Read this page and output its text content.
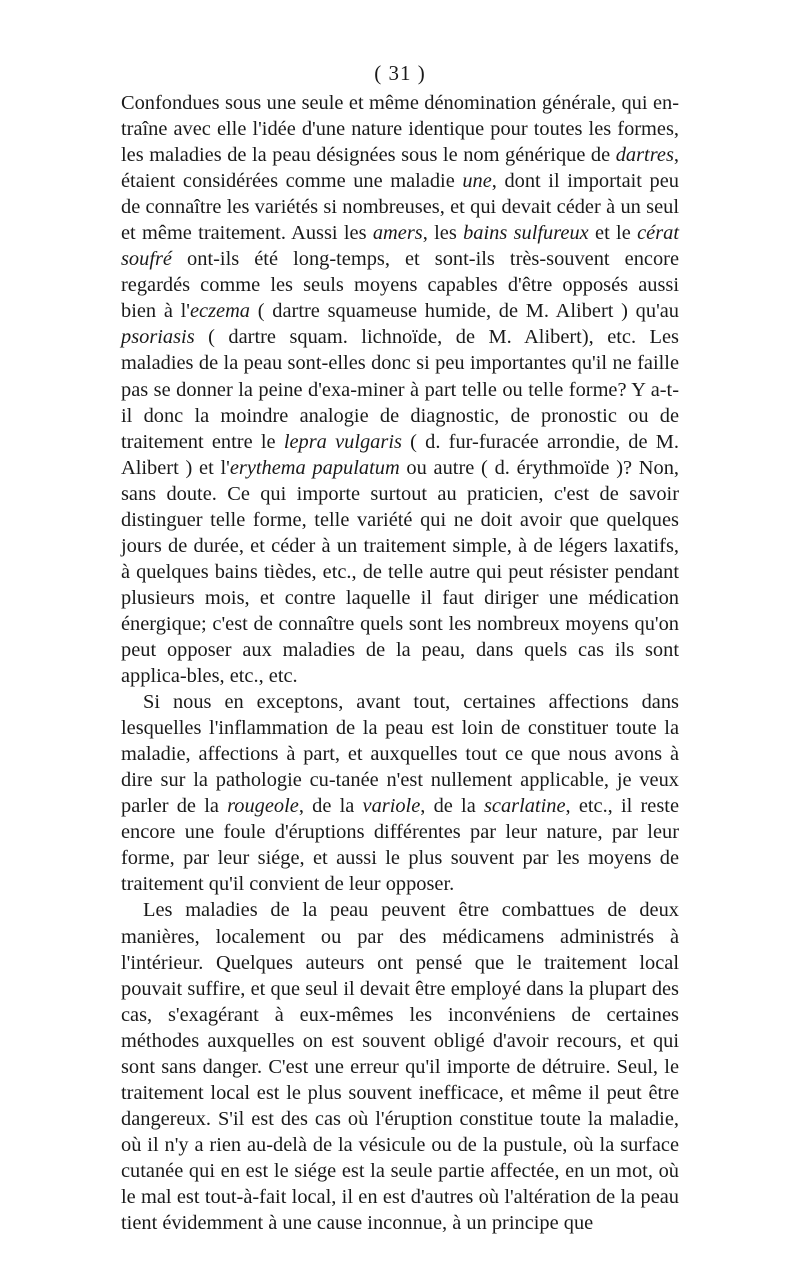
( 31 )

Confondues sous une seule et même dénomination générale, qui en-traîne avec elle l'idée d'une nature identique pour toutes les formes, les maladies de la peau désignées sous le nom générique de dartres, étaient considérées comme une maladie une, dont il importait peu de connaître les variétés si nombreuses, et qui devait céder à un seul et même traitement. Aussi les amers, les bains sulfureux et le cérat soufré ont-ils été long-temps, et sont-ils très-souvent encore regardés comme les seuls moyens capables d'être opposés aussi bien à l'eczema ( dartre squameuse humide, de M. Alibert ) qu'au psoriasis ( dartre squam. lichnoïde, de M. Alibert), etc. Les maladies de la peau sont-elles donc si peu importantes qu'il ne faille pas se donner la peine d'exa-miner à part telle ou telle forme? Y a-t-il donc la moindre analogie de diagnostic, de pronostic ou de traitement entre le lepra vulgaris ( d. fur-furacée arrondie, de M. Alibert ) et l'erythema papulatum ou autre ( d. érythmoïde )? Non, sans doute. Ce qui importe surtout au praticien, c'est de savoir distinguer telle forme, telle variété qui ne doit avoir que quelques jours de durée, et céder à un traitement simple, à de légers laxatifs, à quelques bains tièdes, etc., de telle autre qui peut résister pendant plusieurs mois, et contre laquelle il faut diriger une médication énergique; c'est de connaître quels sont les nombreux moyens qu'on peut opposer aux maladies de la peau, dans quels cas ils sont applica-bles, etc., etc.

Si nous en exceptons, avant tout, certaines affections dans lesquelles l'inflammation de la peau est loin de constituer toute la maladie, affections à part, et auxquelles tout ce que nous avons à dire sur la pathologie cu-tanée n'est nullement applicable, je veux parler de la rougeole, de la variole, de la scarlatine, etc., il reste encore une foule d'éruptions différentes par leur nature, par leur forme, par leur siége, et aussi le plus souvent par les moyens de traitement qu'il convient de leur opposer.

Les maladies de la peau peuvent être combattues de deux manières, localement ou par des médicamens administrés à l'intérieur. Quelques auteurs ont pensé que le traitement local pouvait suffire, et que seul il devait être employé dans la plupart des cas, s'exagérant à eux-mêmes les inconvéniens de certaines méthodes auxquelles on est souvent obligé d'avoir recours, et qui sont sans danger. C'est une erreur qu'il importe de détruire. Seul, le traitement local est le plus souvent inefficace, et même il peut être dangereux. S'il est des cas où l'éruption constitue toute la maladie, où il n'y a rien au-delà de la vésicule ou de la pustule, où la surface cutanée qui en est le siége est la seule partie affectée, en un mot, où le mal est tout-à-fait local, il en est d'autres où l'altération de la peau tient évidemment à une cause inconnue, à un principe que
